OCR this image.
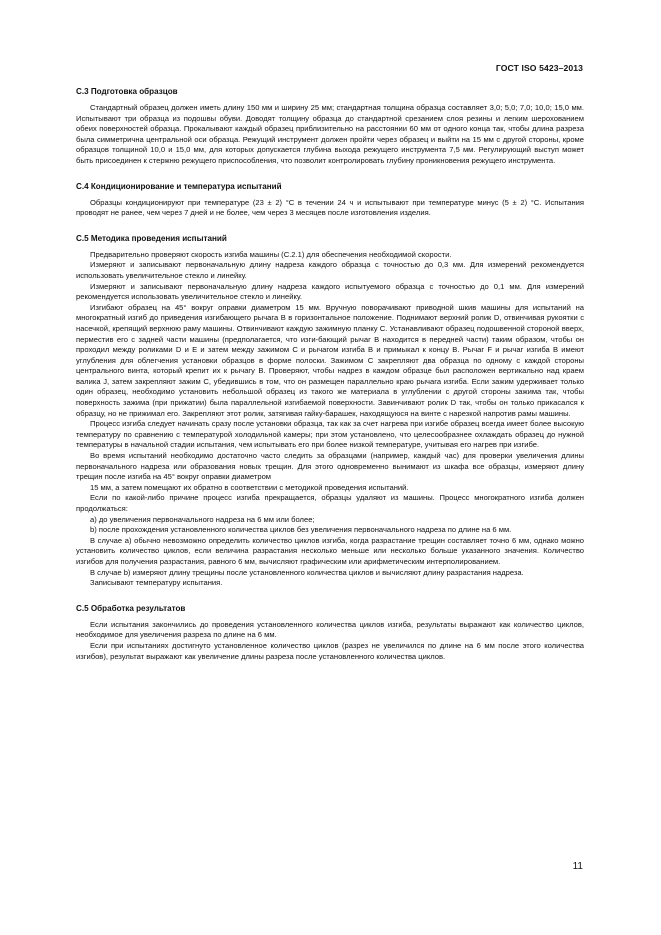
ГОСТ ISO 5423–2013
С.3 Подготовка образцов

Стандартный образец должен иметь длину 150 мм и ширину 25 мм; стандартная толщина образца составляет 3,0; 5,0; 7,0; 10,0; 15,0 мм. Испытывают три образца из подошвы обуви. Доводят толщину образца до стандартной срезанием слоя резины и легким шерохованием обеих поверхностей образца. Прокалывают каждый образец приблизительно на расстоянии 60 мм от одного конца так, чтобы длина разреза была симметрична центральной оси образца. Режущий инструмент должен пройти через образец и выйти на 15 мм с другой стороны, кроме образцов толщиной 10,0 и 15,0 мм, для которых допускается глубина выхода режущего инструмента 7,5 мм. Регулирующий выступ может быть присоединен к стержню режущего приспособления, что позволит контролировать глубину проникновения режущего инструмента.

С.4 Кондиционирование и температура испытаний

Образцы кондиционируют при температуре (23 ± 2) °С в течении 24 ч и испытывают при температуре минус (5 ± 2) °С. Испытания проводят не ранее, чем через 7 дней и не более, чем через 3 месяцев после изготовления изделия.

С.5 Методика проведения испытаний

Предварительно проверяют скорость изгиба машины (С.2.1) для обеспечения необходимой скорости.

Измеряют и записывают первоначальную длину надреза каждого образца с точностью до 0,3 мм. Для измерений рекомендуется использовать увеличительное стекло и линейку.

Измеряют и записывают первоначальную длину надреза каждого испытуемого образца с точностью до 0,1 мм. Для измерений рекомендуется использовать увеличительное стекло и линейку.

Изгибают образец на 45° вокруг оправки диаметром 15 мм. Вручную поворачивают приводной шкив машины для испытаний на многократный изгиб до приведения изгибающего рычага В в горизонтальное положение. Поднимают верхний ролик D, отвинчивая рукоятки с насечкой, крепящий верхнюю раму машины. Отвинчивают каждую зажимную планку С. Устанавливают образец подошвенной стороной вверх, перместив его с задней части машины (предполагается, что изги-бающий рычаг В находится в передней части) таким образом, чтобы он проходил между роликами D и Е и затем между зажимом С и рычагом изгиба В и примыкал к концу В. Рычаг F и рычаг изгиба В имеют углубления для облегчения установки образцов в форме полоски. Зажимом С закрепляют два образца по одному с каждой стороны центрального винта, который крепит их к рычагу В. Проверяют, чтобы надрез в каждом образце был расположен вертикально над краем валика J, затем закрепляют зажим С, убедившись в том, что он размещен параллельно краю рычага изгиба. Если зажим удерживает только один образец, необходимо установить небольшой образец из такого же материала в углублении с другой стороны зажима так, чтобы поверхность зажима (при прижатии) была параллельной изгибаемой поверхности. Завинчивают ролик D так, чтобы он только прикасался к образцу, но не прижимал его. Закрепляют этот ролик, затягивая гайку-барашек, находящуюся на винте с нарезкой напротив рамы машины.

Процесс изгиба следует начинать сразу после установки образца, так как за счет нагрева при изгибе образец всегда имеет более высокую температуру по сравнению с температурой холодильной камеры; при этом установлено, что целесообразнее охлаждать образец до нужной температуры в начальной стадии испытания, чем испытывать его при более низкой температуре, учитывая его нагрев при изгибе.

Во время испытаний необходимо достаточно часто следить за образцами (например, каждый час) для проверки увеличения длины первоначального надреза или образования новых трещин. Для этого одновременно вынимают из шкафа все образцы, измеряют длину трещин после изгиба на 45° вокруг оправки диаметром

15 мм, а затем помещают их обратно в соответствии с методикой проведения испытаний.

Если по какой-либо причине процесс изгиба прекращается, образцы удаляют из машины. Процесс многократного изгиба должен продолжаться:

а) до увеличения первоначального надреза на 6 мм или более;

b) после прохождения установленного количества циклов без увеличения первоначального надреза по длине на 6 мм.

В случае а) обычно невозможно определить количество циклов изгиба, когда разрастание трещин составляет точно 6 мм, однако можно установить количество циклов, если величина разрастания несколько меньше или несколько больше указанного значения. Количество изгибов для получения разрастания, равного 6 мм, вычисляют графическим или арифметическим интерполированием.

В случае b) измеряют длину трещины после установленного количества циклов и вычисляют длину разрастания надреза.

Записывают температуру испытания.

С.5 Обработка результатов

Если испытания закончились до проведения установленного количества циклов изгиба, результаты выражают как количество циклов, необходимое для увеличения разреза по длине на 6 мм.

Если при испытаниях достигнуто установленное количество циклов (разрез не увеличился по длине на 6 мм после этого количества изгибов), результат выражают как увеличение длины разреза после установленного количества циклов.

11
